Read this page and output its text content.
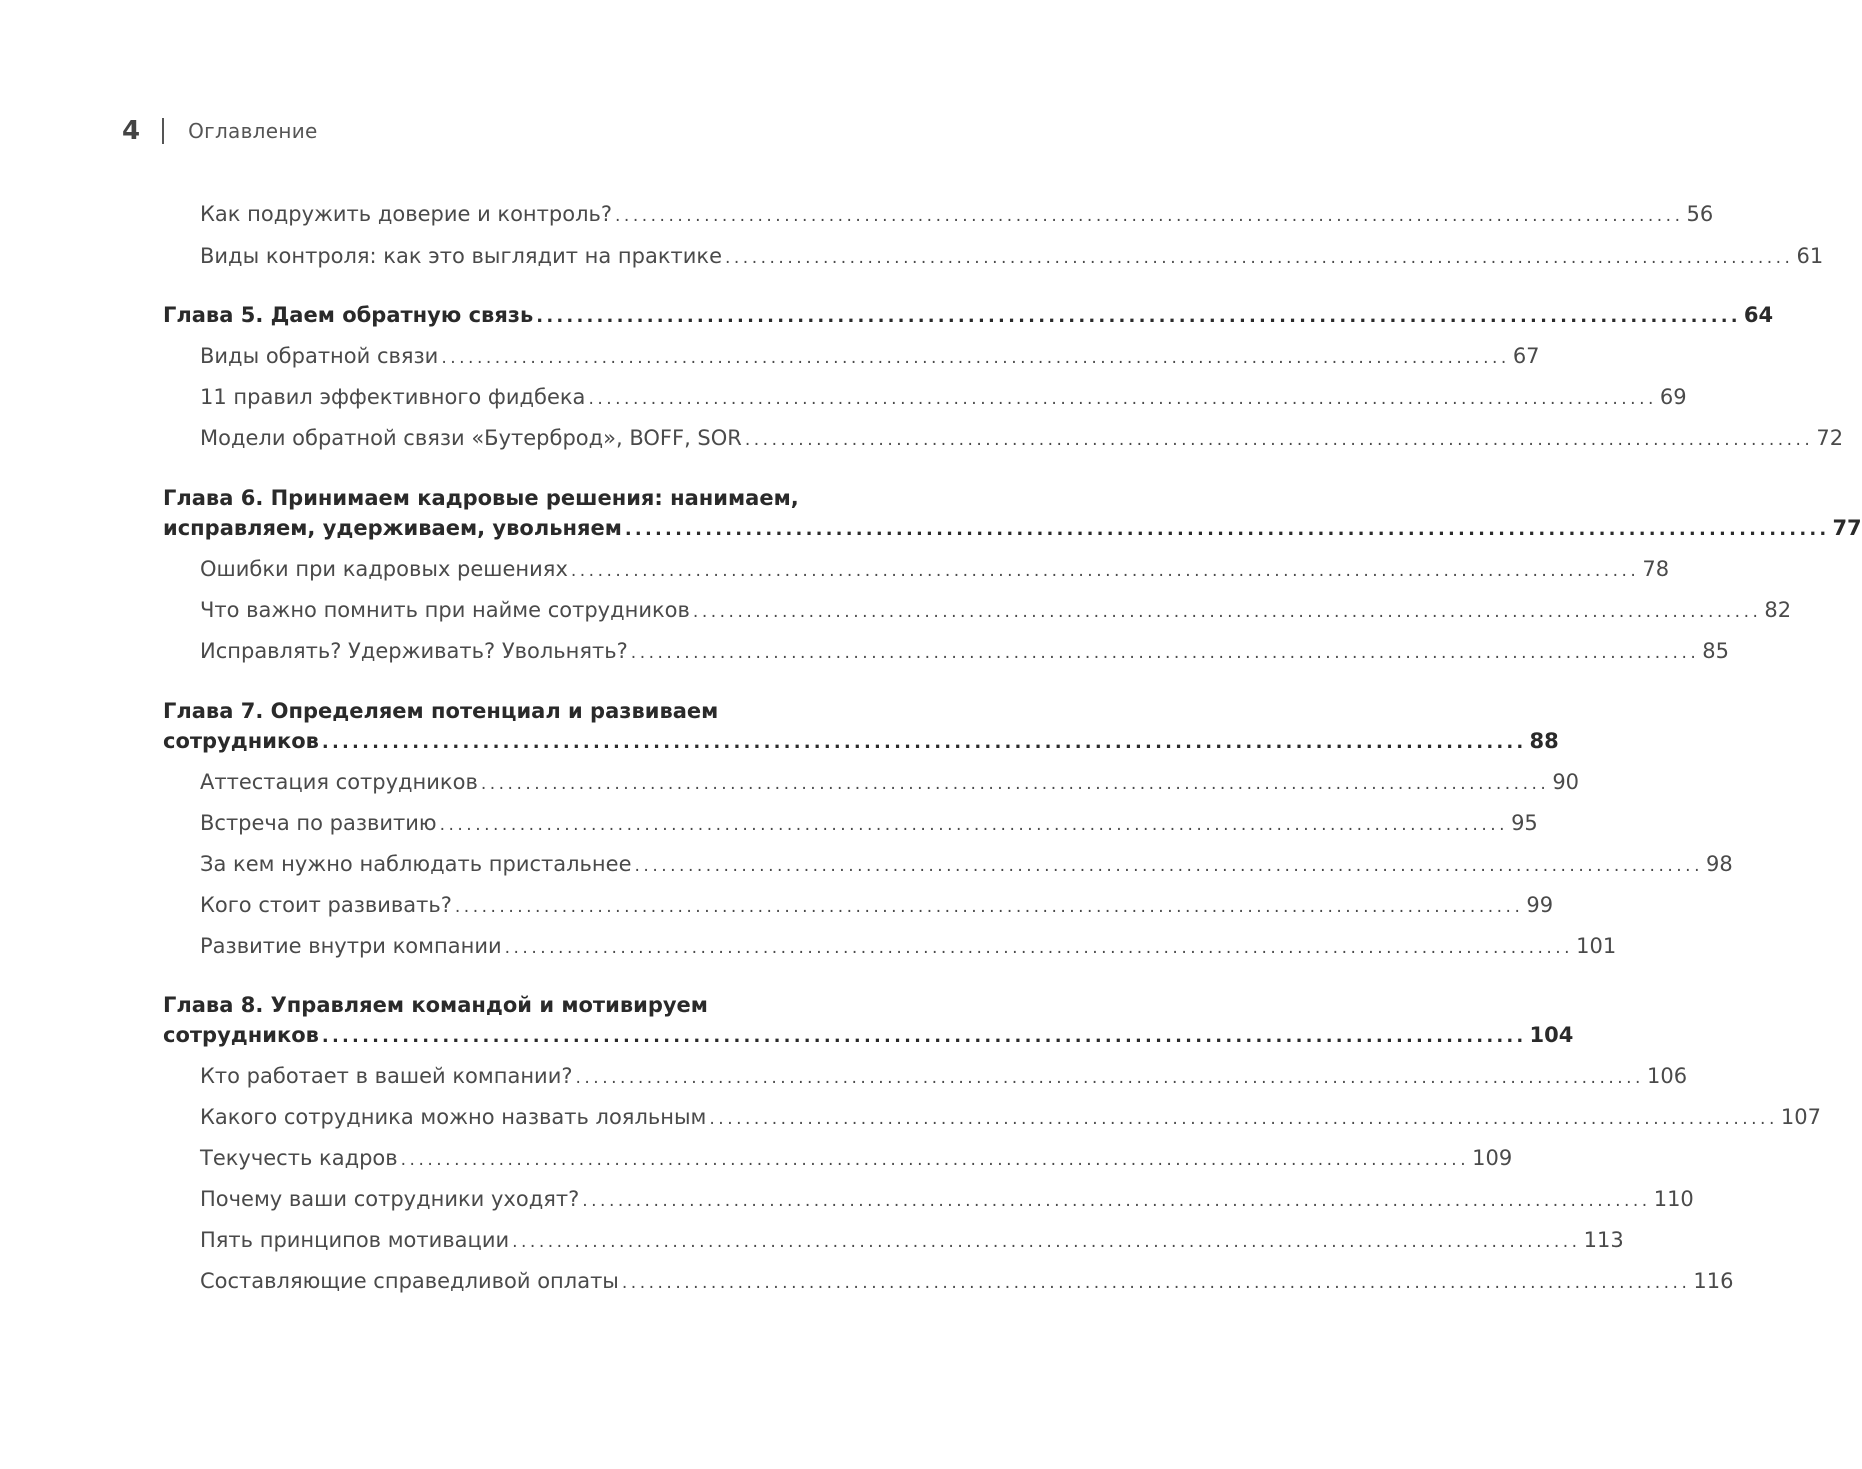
4 Оглавление
Как подружить доверие и контроль? ........................................................................................................................ 56
Виды контроля: как это выглядит на практике ........................................................................................................................ 61
Глава 5. Даем обратную связь ........................................................................................................................ 64
Виды обратной связи ........................................................................................................................ 67
11 правил эффективного фидбека ........................................................................................................................ 69
Модели обратной связи «Бутерброд», BOFF, SOR ........................................................................................................................ 72
Глава 6. Принимаем кадровые решения: нанимаем,
исправляем, удерживаем, увольняем ........................................................................................................................ 77
Ошибки при кадровых решениях ........................................................................................................................ 78
Что важно помнить при найме сотрудников ........................................................................................................................ 82
Исправлять? Удерживать? Увольнять? ........................................................................................................................ 85
Глава 7. Определяем потенциал и развиваем
сотрудников ........................................................................................................................ 88
Аттестация сотрудников ........................................................................................................................ 90
Встреча по развитию ........................................................................................................................ 95
За кем нужно наблюдать пристальнее ........................................................................................................................ 98
Кого стоит развивать? ........................................................................................................................ 99
Развитие внутри компании ........................................................................................................................ 101
Глава 8. Управляем командой и мотивируем
сотрудников ........................................................................................................................ 104
Кто работает в вашей компании? ........................................................................................................................ 106
Какого сотрудника можно назвать лояльным ........................................................................................................................ 107
Текучесть кадров ........................................................................................................................ 109
Почему ваши сотрудники уходят? ........................................................................................................................ 110
Пять принципов мотивации ........................................................................................................................ 113
Составляющие справедливой оплаты ........................................................................................................................ 116
